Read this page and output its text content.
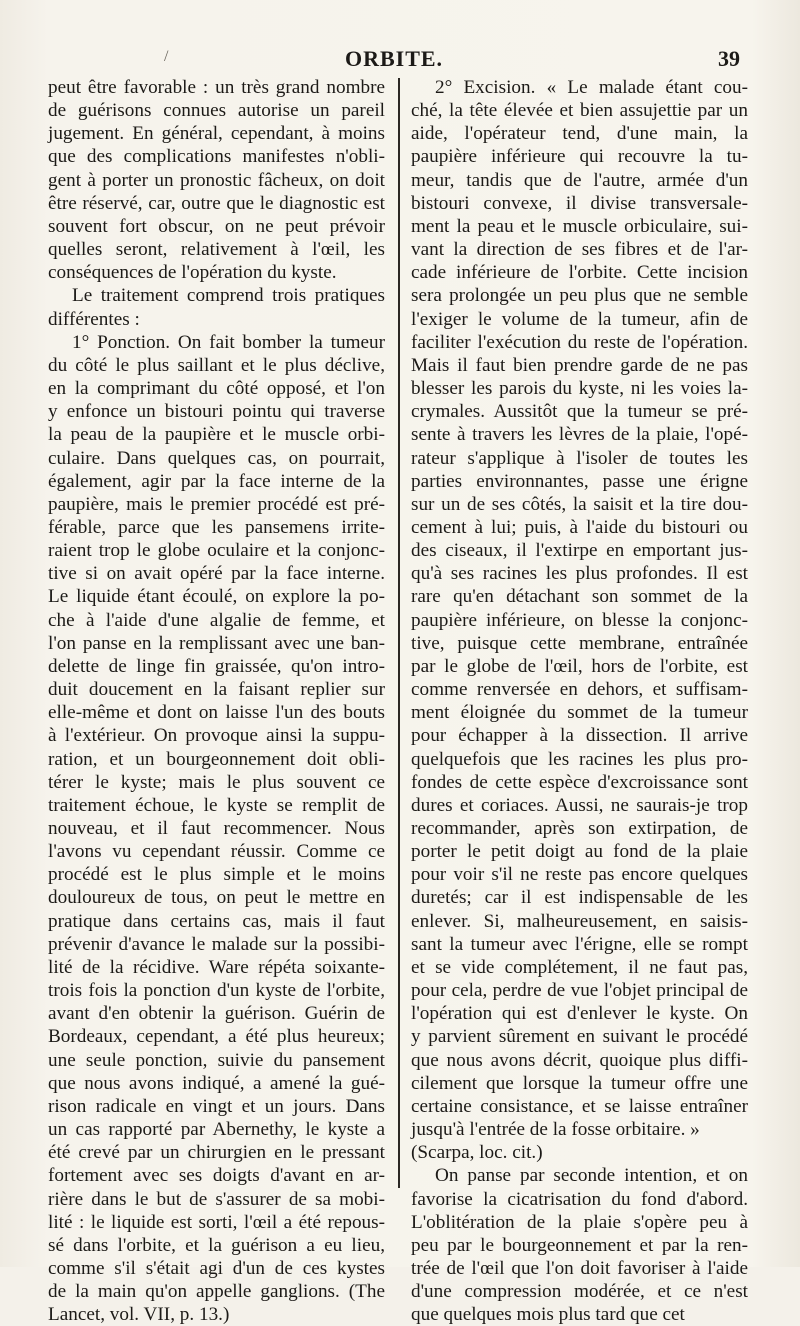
/	ORBITE.	39
peut être favorable : un très grand nombre
de guérisons connues autorise un pareil
jugement. En général, cependant, à moins
que des complications manifestes n'obli-
gent à porter un pronostic fâcheux, on doit
être réservé, car, outre que le diagnostic est
souvent fort obscur, on ne peut prévoir
quelles seront, relativement à l'œil, les
conséquences de l'opération du kyste.
Le traitement comprend trois pratiques
différentes :
1° Ponction. On fait bomber la tumeur
du côté le plus saillant et le plus déclive,
en la comprimant du côté opposé, et l'on
y enfonce un bistouri pointu qui traverse
la peau de la paupière et le muscle orbi-
culaire. Dans quelques cas, on pourrait,
également, agir par la face interne de la
paupière, mais le premier procédé est pré-
férable, parce que les pansemens irrite-
raient trop le globe oculaire et la conjonc-
tive si on avait opéré par la face interne.
Le liquide étant écoulé, on explore la po-
che à l'aide d'une algalie de femme, et
l'on panse en la remplissant avec une ban-
delette de linge fin graissée, qu'on intro-
duit doucement en la faisant replier sur
elle-même et dont on laisse l'un des bouts
à l'extérieur. On provoque ainsi la suppu-
ration, et un bourgeonnement doit obli-
térer le kyste; mais le plus souvent ce
traitement échoue, le kyste se remplit de
nouveau, et il faut recommencer. Nous
l'avons vu cependant réussir. Comme ce
procédé est le plus simple et le moins
douloureux de tous, on peut le mettre en
pratique dans certains cas, mais il faut
prévenir d'avance le malade sur la possibi-
lité de la récidive. Ware répéta soixante-
trois fois la ponction d'un kyste de l'orbite,
avant d'en obtenir la guérison. Guérin de
Bordeaux, cependant, a été plus heureux;
une seule ponction, suivie du pansement
que nous avons indiqué, a amené la gué-
rison radicale en vingt et un jours. Dans
un cas rapporté par Abernethy, le kyste a
été crevé par un chirurgien en le pressant
fortement avec ses doigts d'avant en ar-
rière dans le but de s'assurer de sa mobi-
lité : le liquide est sorti, l'œil a été repous-
sé dans l'orbite, et la guérison a eu lieu,
comme s'il s'était agi d'un de ces kystes
de la main qu'on appelle ganglions. (The
Lancet, vol. VII, p. 13.)
2° Excision. « Le malade étant cou-
ché, la tête élevée et bien assujettie par un
aide, l'opérateur tend, d'une main, la
paupière inférieure qui recouvre la tu-
meur, tandis que de l'autre, armée d'un
bistouri convexe, il divise transversale-
ment la peau et le muscle orbiculaire, sui-
vant la direction de ses fibres et de l'ar-
cade inférieure de l'orbite. Cette incision
sera prolongée un peu plus que ne semble
l'exiger le volume de la tumeur, afin de
faciliter l'exécution du reste de l'opération.
Mais il faut bien prendre garde de ne pas
blesser les parois du kyste, ni les voies la-
crymales. Aussitôt que la tumeur se pré-
sente à travers les lèvres de la plaie, l'opé-
rateur s'applique à l'isoler de toutes les
parties environnantes, passe une érigne
sur un de ses côtés, la saisit et la tire dou-
cement à lui; puis, à l'aide du bistouri ou
des ciseaux, il l'extirpe en emportant jus-
qu'à ses racines les plus profondes. Il est
rare qu'en détachant son sommet de la
paupière inférieure, on blesse la conjonc-
tive, puisque cette membrane, entraînée
par le globe de l'œil, hors de l'orbite, est
comme renversée en dehors, et suffisam-
ment éloignée du sommet de la tumeur
pour échapper à la dissection. Il arrive
quelquefois que les racines les plus pro-
fondes de cette espèce d'excroissance sont
dures et coriaces. Aussi, ne saurais-je trop
recommander, après son extirpation, de
porter le petit doigt au fond de la plaie
pour voir s'il ne reste pas encore quelques
duretés; car il est indispensable de les
enlever. Si, malheureusement, en saisis-
sant la tumeur avec l'érigne, elle se rompt
et se vide complétement, il ne faut pas,
pour cela, perdre de vue l'objet principal de
l'opération qui est d'enlever le kyste. On
y parvient sûrement en suivant le procédé
que nous avons décrit, quoique plus diffi-
cilement que lorsque la tumeur offre une
certaine consistance, et se laisse entraîner
jusqu'à l'entrée de la fosse orbitaire. »
(Scarpa, loc. cit.)
On panse par seconde intention, et on
favorise la cicatrisation du fond d'abord.
L'oblitération de la plaie s'opère peu à
peu par le bourgeonnement et par la ren-
trée de l'œil que l'on doit favoriser à l'aide
d'une compression modérée, et ce n'est
que quelques mois plus tard que cet
